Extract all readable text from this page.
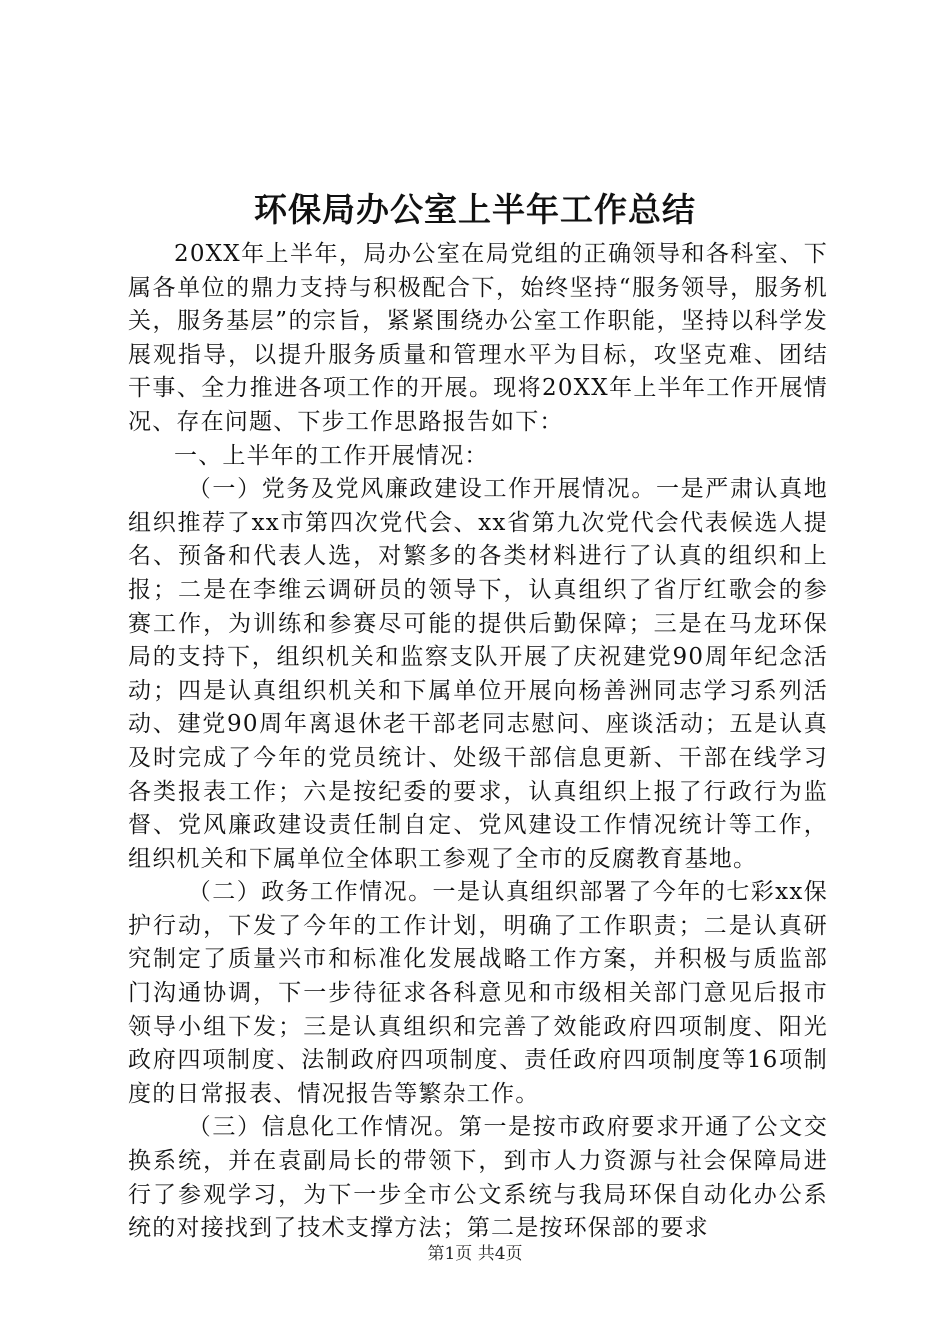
环保局办公室上半年工作总结

20XX年上半年，局办公室在局党组的正确领导和各科室、下属各单位的鼎力支持与积极配合下，始终坚持“服务领导，服务机关，服务基层”的宗旨，紧紧围绕办公室工作职能，坚持以科学发展观指导，以提升服务质量和管理水平为目标，攻坚克难、团结干事、全力推进各项工作的开展。现将20XX年上半年工作开展情况、存在问题、下步工作思路报告如下：

一、上半年的工作开展情况：

（一）党务及党风廉政建设工作开展情况。一是严肃认真地组织推荐了xx市第四次党代会、xx省第九次党代会代表候选人提名、预备和代表人选，对繁多的各类材料进行了认真的组织和上报；二是在李维云调研员的领导下，认真组织了省厅红歌会的参赛工作，为训练和参赛尽可能的提供后勤保障；三是在马龙环保局的支持下，组织机关和监察支队开展了庆祝建党90周年纪念活动；四是认真组织机关和下属单位开展向杨善洲同志学习系列活动、建党90周年离退休老干部老同志慰问、座谈活动；五是认真及时完成了今年的党员统计、处级干部信息更新、干部在线学习各类报表工作；六是按纪委的要求，认真组织上报了行政行为监督、党风廉政建设责任制自定、党风建设工作情况统计等工作，组织机关和下属单位全体职工参观了全市的反腐教育基地。

（二）政务工作情况。一是认真组织部署了今年的七彩xx保护行动，下发了今年的工作计划，明确了工作职责；二是认真研究制定了质量兴市和标准化发展战略工作方案，并积极与质监部门沟通协调，下一步待征求各科意见和市级相关部门意见后报市领导小组下发；三是认真组织和完善了效能政府四项制度、阳光政府四项制度、法制政府四项制度、责任政府四项制度等16项制度的日常报表、情况报告等繁杂工作。

（三）信息化工作情况。第一是按市政府要求开通了公文交换系统，并在袁副局长的带领下，到市人力资源与社会保障局进行了参观学习，为下一步全市公文系统与我局环保自动化办公系统的对接找到了技术支撑方法；第二是按环保部的要求

第1页 共4页
